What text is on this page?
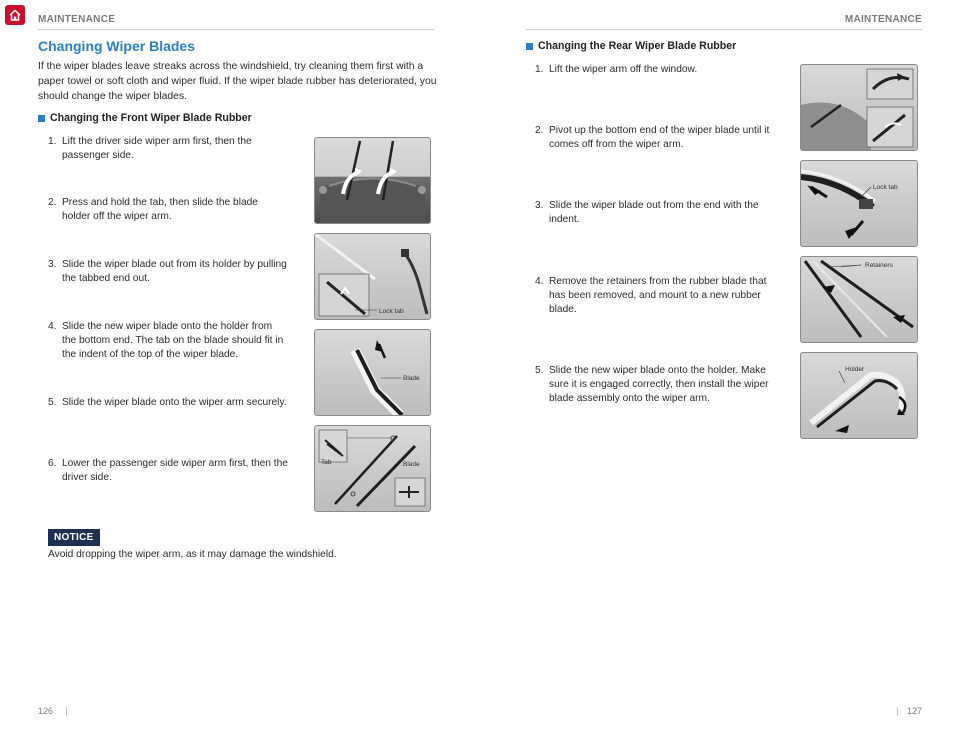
MAINTENANCE	MAINTENANCE
Changing Wiper Blades
If the wiper blades leave streaks across the windshield, try cleaning them first with a paper towel or soft cloth and wiper fluid. If the wiper blade rubber has deteriorated, you should change the wiper blades.
Changing the Front Wiper Blade Rubber
1. Lift the driver side wiper arm first, then the passenger side.
2. Press and hold the tab, then slide the blade holder off the wiper arm.
3. Slide the wiper blade out from its holder by pulling the tabbed end out.
4. Slide the new wiper blade onto the holder from the bottom end. The tab on the blade should fit in the indent of the top of the wiper blade.
5. Slide the wiper blade onto the wiper arm securely.
6. Lower the passenger side wiper arm first, then the driver side.
Lock tab
Blade
Tab	Blade
NOTICE
Avoid dropping the wiper arm, as it may damage the windshield.
126 |
Changing the Rear Wiper Blade Rubber
1. Lift the wiper arm off the window.
2. Pivot up the bottom end of the wiper blade until it comes off from the wiper arm.
3. Slide the wiper blade out from the end with the indent.
4. Remove the retainers from the rubber blade that has been removed, and mount to a new rubber blade.
5. Slide the new wiper blade onto the holder. Make sure it is engaged correctly, then install the wiper blade assembly onto the wiper arm.
Lock tab
Retainers
Holder
| 127
